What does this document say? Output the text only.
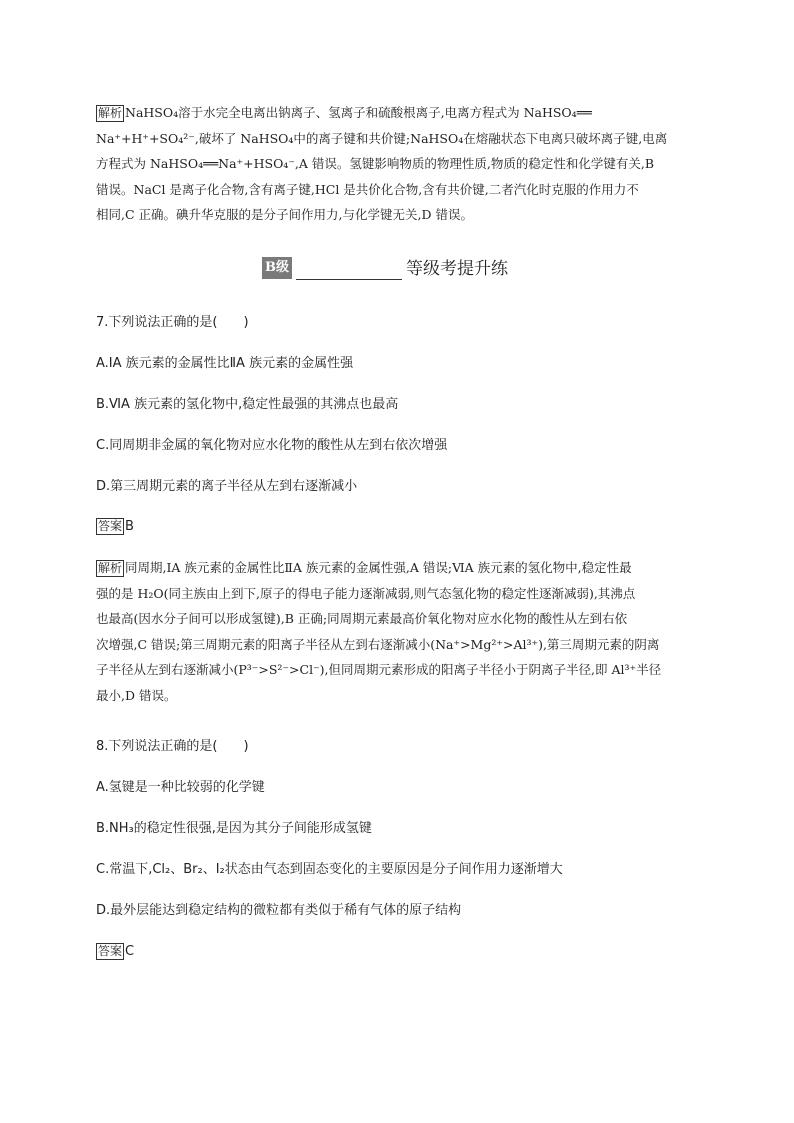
解析 NaHSO₄溶于水完全电离出钠离子、氢离子和硫酸根离子,电离方程式为 NaHSO₄══

Na⁺+H⁺+SO₄²⁻,破坏了 NaHSO₄中的离子键和共价键;NaHSO₄在熔融状态下电离只破坏离子键,电离

方程式为 NaHSO₄══Na⁺+HSO₄⁻,A 错误。氢键影响物质的物理性质,物质的稳定性和化学键有关,B

错误。NaCl 是离子化合物,含有离子键,HCl 是共价化合物,含有共价键,二者汽化时克服的作用力不

相同,C 正确。碘升华克服的是分子间作用力,与化学键无关,D 错误。

B级	等级考提升练
7.下列说法正确的是(　　)
A.ⅠA 族元素的金属性比ⅡA 族元素的金属性强
B.ⅥA 族元素的氢化物中,稳定性最强的其沸点也最高
C.同周期非金属的氧化物对应水化物的酸性从左到右依次增强
D.第三周期元素的离子半径从左到右逐渐减小
答案 B

解析 同周期,ⅠA 族元素的金属性比ⅡA 族元素的金属性强,A 错误;ⅥA 族元素的氢化物中,稳定性最

强的是 H₂O(同主族由上到下,原子的得电子能力逐渐减弱,则气态氢化物的稳定性逐渐减弱),其沸点

也最高(因水分子间可以形成氢键),B 正确;同周期元素最高价氧化物对应水化物的酸性从左到右依

次增强,C 错误;第三周期元素的阳离子半径从左到右逐渐减小(Na⁺>Mg²⁺>Al³⁺),第三周期元素的阴离

子半径从左到右逐渐减小(P³⁻>S²⁻>Cl⁻),但同周期元素形成的阳离子半径小于阴离子半径,即 Al³⁺半径

最小,D 错误。

8.下列说法正确的是(　　)
A.氢键是一种比较弱的化学键
B.NH₃的稳定性很强,是因为其分子间能形成氢键
C.常温下,Cl₂、Br₂、I₂状态由气态到固态变化的主要原因是分子间作用力逐渐增大
D.最外层能达到稳定结构的微粒都有类似于稀有气体的原子结构
答案 C
